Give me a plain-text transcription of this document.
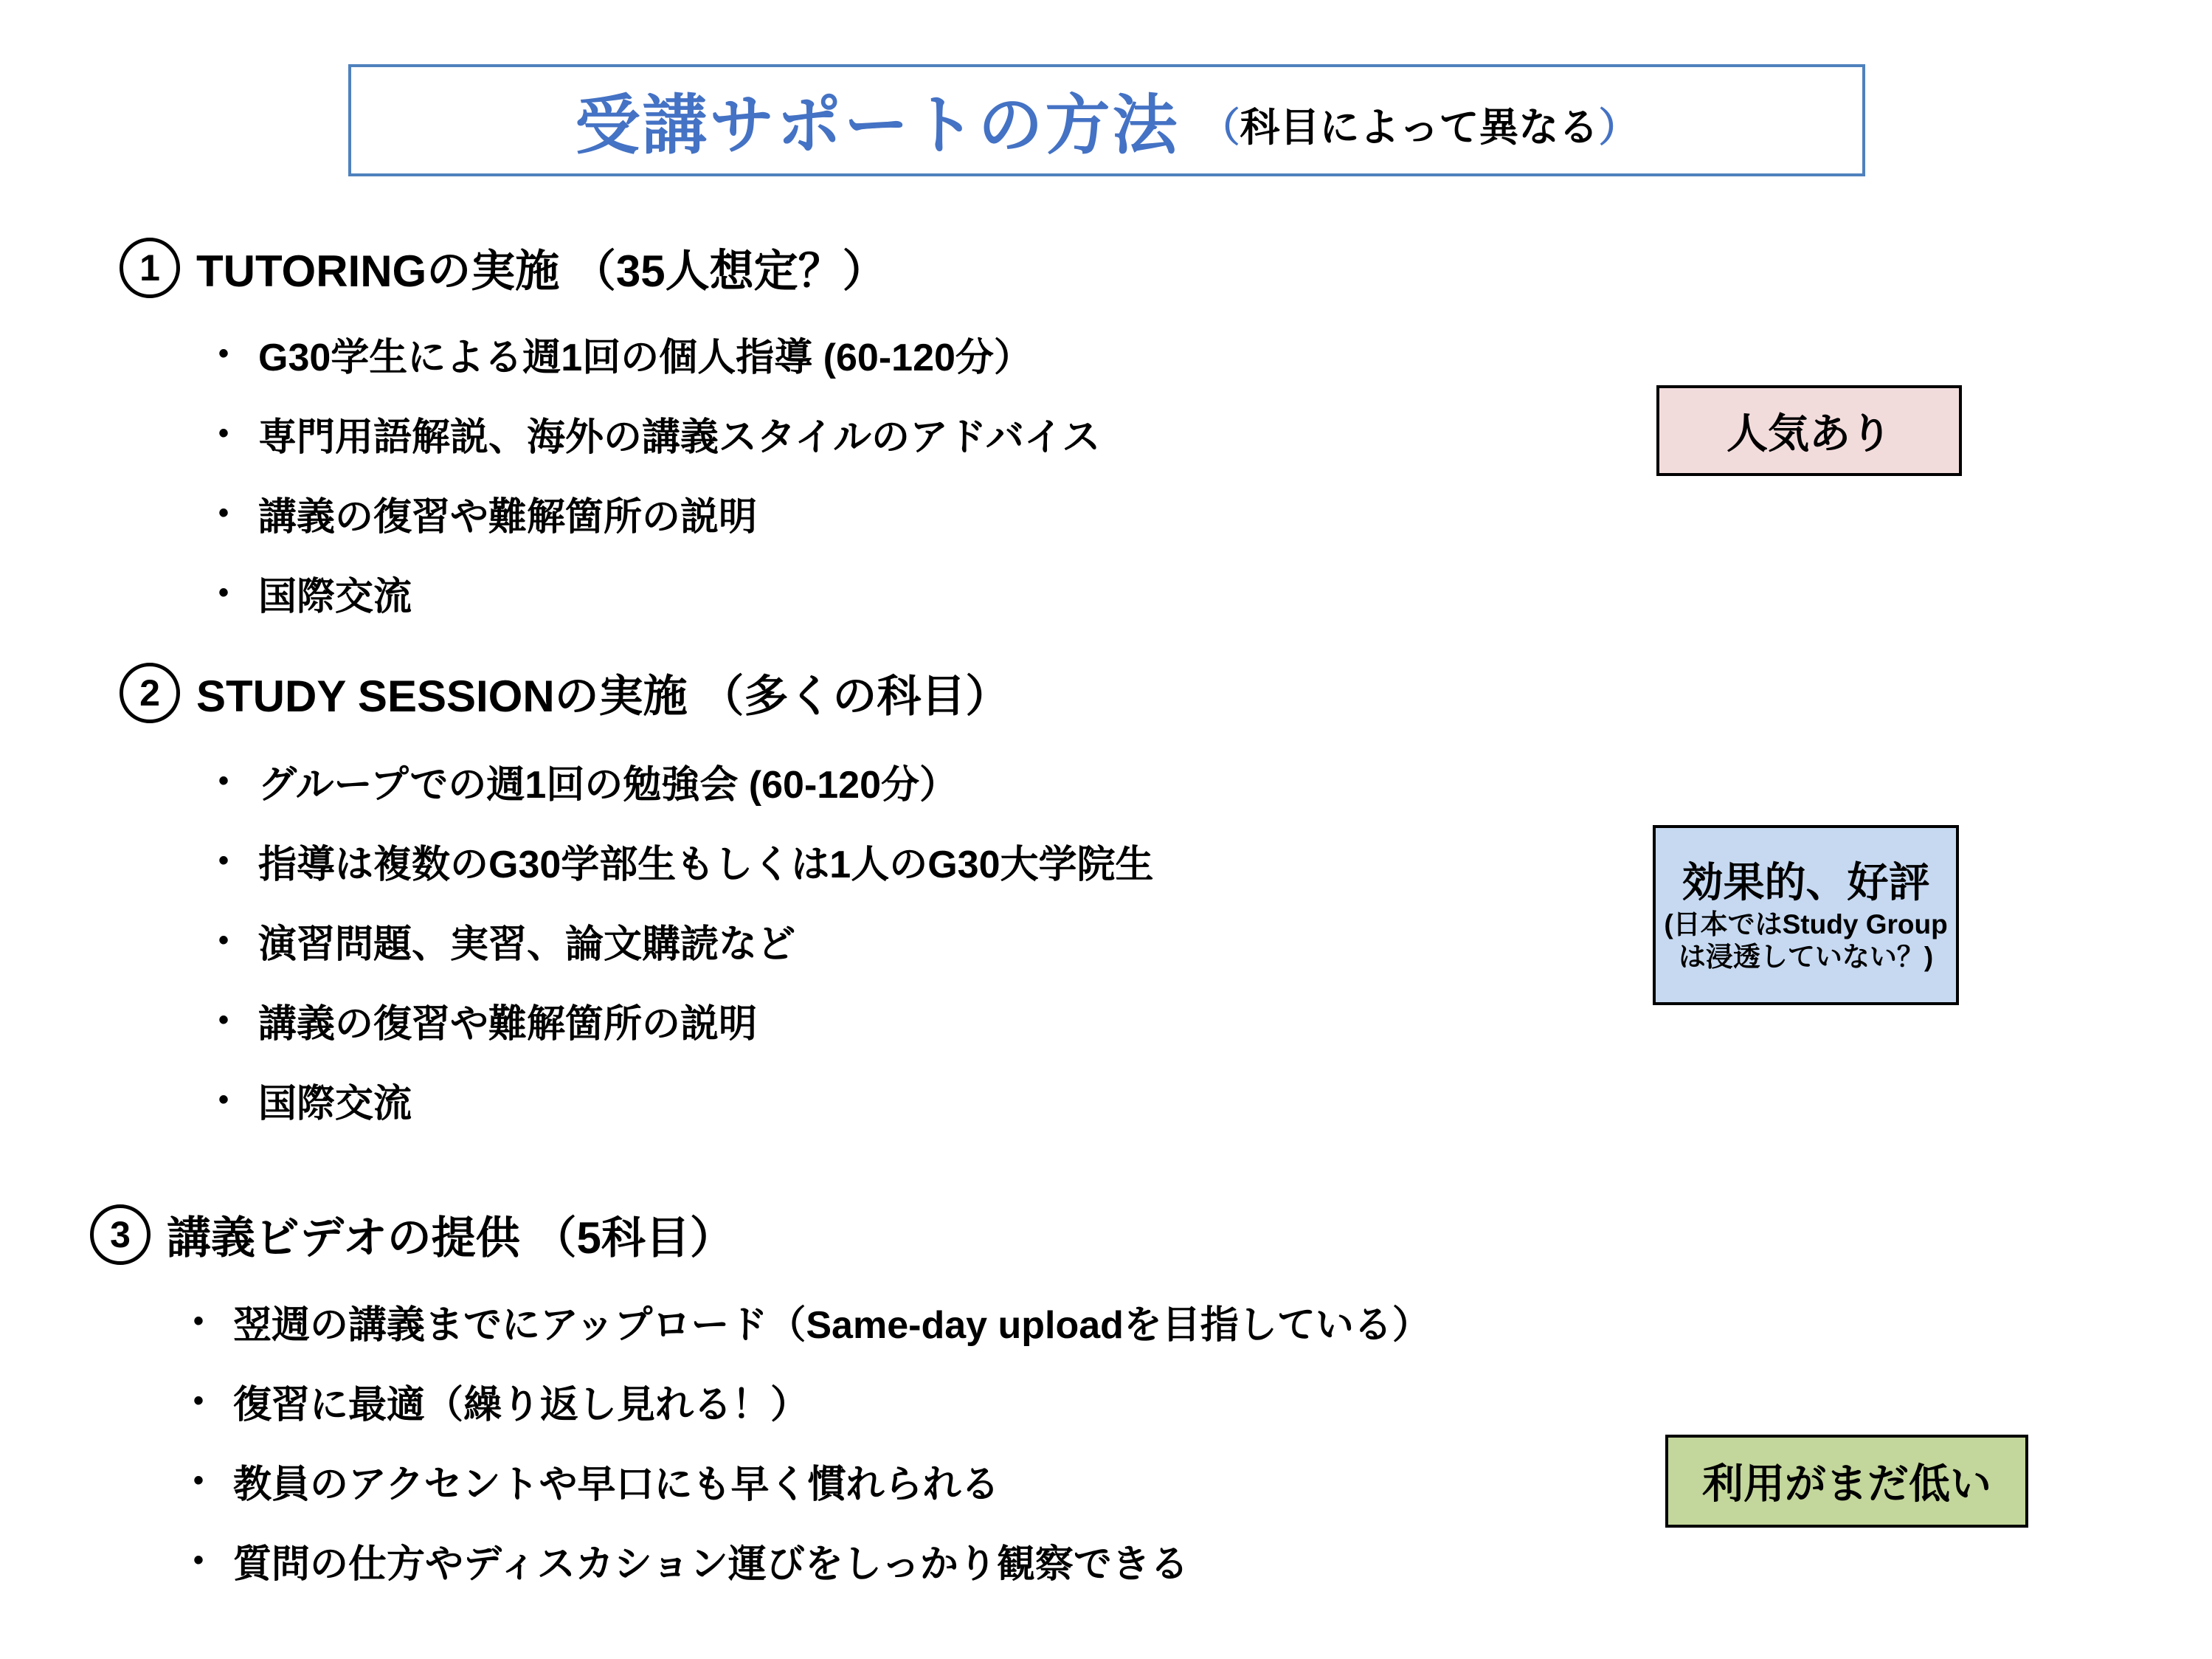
受講サポートの方法 （科目によって異なる）
1 TUTORINGの実施 （35人想定？）
• G30学生による週1回の個人指導 (60-120分）
• 専門用語解説、海外の講義スタイルのアドバイス
• 講義の復習や難解箇所の説明
• 国際交流
2 STUDY SESSIONの実施 （多くの科目）
• グループでの週1回の勉強会 (60-120分）
• 指導は複数のG30学部生もしくは1人のG30大学院生
• 演習問題、実習、論文購読など
• 講義の復習や難解箇所の説明
• 国際交流
3 講義ビデオの提供 （5科目）
• 翌週の講義までにアップロード（Same-day uploadを目指している）
• 復習に最適（繰り返し見れる！）
• 教員のアクセントや早口にも早く慣れられる
• 質問の仕方やディスカション運びをしっかり観察できる
人気あり
効果的、好評
(日本ではStudy Group
は浸透していない？)
利用がまだ低い
